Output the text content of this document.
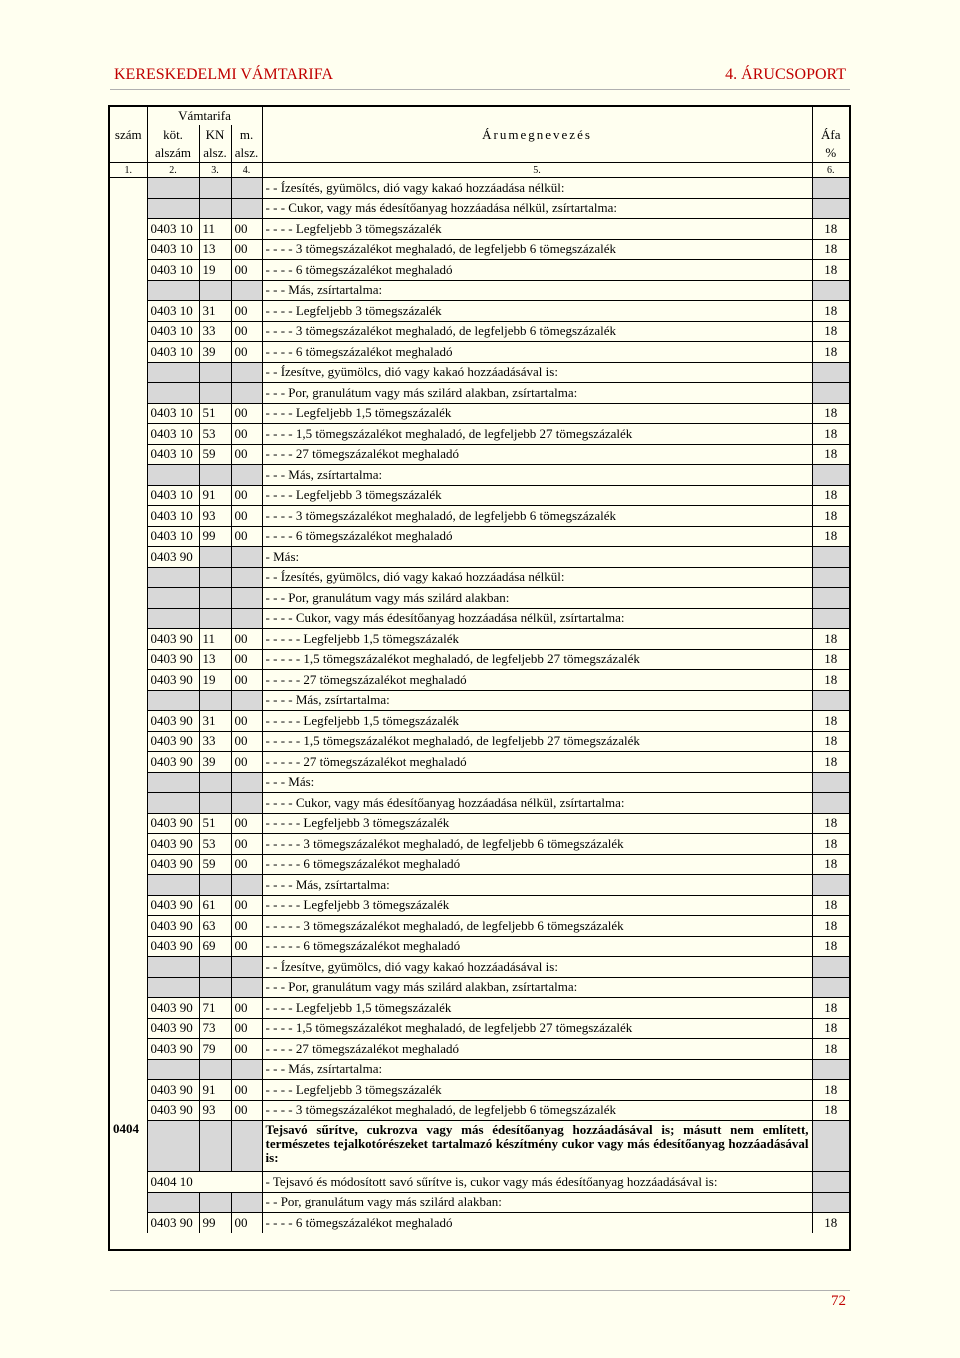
KERESKEDELMI VÁMTARIFA	4. ÁRUCSOPORT
	Vámtarifa				
szám	köt.	KN	m.	Árumegnevezés	Áfa
	alszám	alsz.	alsz.		%
1.	2.	3.	4.	5.	6.
				- - Ízesítés, gyümölcs, dió vagy kakaó hozzáadása nélkül:	
				- - - Cukor, vagy más édesítőanyag hozzáadása nélkül, zsírtartalma:	
	0403 10	11	00	- - - - Legfeljebb 3 tömegszázalék	18
	0403 10	13	00	- - - - 3 tömegszázalékot meghaladó, de legfeljebb 6 tömegszázalék	18
	0403 10	19	00	- - - - 6 tömegszázalékot meghaladó	18
				- - - Más, zsírtartalma:	
	0403 10	31	00	- - - - Legfeljebb 3 tömegszázalék	18
	0403 10	33	00	- - - - 3 tömegszázalékot meghaladó, de legfeljebb 6 tömegszázalék	18
	0403 10	39	00	- - - - 6 tömegszázalékot meghaladó	18
				- - Ízesítve, gyümölcs, dió vagy kakaó hozzáadásával is:	
				- - - Por, granulátum vagy más szilárd alakban, zsírtartalma:	
	0403 10	51	00	- - - - Legfeljebb 1,5 tömegszázalék	18
	0403 10	53	00	- - - - 1,5 tömegszázalékot meghaladó, de legfeljebb 27 tömegszázalék	18
	0403 10	59	00	- - - - 27 tömegszázalékot meghaladó	18
				- - - Más, zsírtartalma:	
	0403 10	91	00	- - - - Legfeljebb 3 tömegszázalék	18
	0403 10	93	00	- - - - 3 tömegszázalékot meghaladó, de legfeljebb 6 tömegszázalék	18
	0403 10	99	00	- - - - 6 tömegszázalékot meghaladó	18
	0403 90			- Más:	
				- - Ízesítés, gyümölcs, dió vagy kakaó hozzáadása nélkül:	
				- - - Por, granulátum vagy más szilárd alakban:	
				- - - - Cukor, vagy más édesítőanyag hozzáadása nélkül, zsírtartalma:	
	0403 90	11	00	- - - - - Legfeljebb 1,5 tömegszázalék	18
	0403 90	13	00	- - - - - 1,5 tömegszázalékot meghaladó, de legfeljebb 27 tömegszázalék	18
	0403 90	19	00	- - - - - 27 tömegszázalékot meghaladó	18
				- - - - Más, zsírtartalma:	
	0403 90	31	00	- - - - - Legfeljebb 1,5 tömegszázalék	18
	0403 90	33	00	- - - - - 1,5 tömegszázalékot meghaladó, de legfeljebb 27 tömegszázalék	18
	0403 90	39	00	- - - - - 27 tömegszázalékot meghaladó	18
				- - - Más:	
				- - - - Cukor, vagy más édesítőanyag hozzáadása nélkül, zsírtartalma:	
	0403 90	51	00	- - - - - Legfeljebb 3 tömegszázalék	18
	0403 90	53	00	- - - - - 3 tömegszázalékot meghaladó, de legfeljebb 6 tömegszázalék	18
	0403 90	59	00	- - - - - 6 tömegszázalékot meghaladó	18
				- - - - Más, zsírtartalma:	
	0403 90	61	00	- - - - - Legfeljebb 3 tömegszázalék	18
	0403 90	63	00	- - - - - 3 tömegszázalékot meghaladó, de legfeljebb 6 tömegszázalék	18
	0403 90	69	00	- - - - - 6 tömegszázalékot meghaladó	18
				- - Ízesítve, gyümölcs, dió vagy kakaó hozzáadásával is:	
				- - - Por, granulátum vagy más szilárd alakban, zsírtartalma:	
	0403 90	71	00	- - - - Legfeljebb 1,5 tömegszázalék	18
	0403 90	73	00	- - - - 1,5 tömegszázalékot meghaladó, de legfeljebb 27 tömegszázalék	18
	0403 90	79	00	- - - - 27 tömegszázalékot meghaladó	18
				- - - Más, zsírtartalma:	
	0403 90	91	00	- - - - Legfeljebb 3 tömegszázalék	18
	0403 90	93	00	- - - - 3 tömegszázalékot meghaladó, de legfeljebb 6 tömegszázalék	18
0404				Tejsavó sűrítve, cukrozva vagy más édesítőanyag hozzáadásával is; másutt nem említett, természetes tejalkotórészeket tartalmazó készítmény cukor vagy más édesítőanyag hozzáadásával is:	
	0404 10			- Tejsavó és módosított savó sűrítve is, cukor vagy más édesítőanyag hozzáadásával is:	
				- - Por, granulátum vagy más szilárd alakban:	
	0403 90	99	00	- - - - 6 tömegszázalékot meghaladó	18
72
